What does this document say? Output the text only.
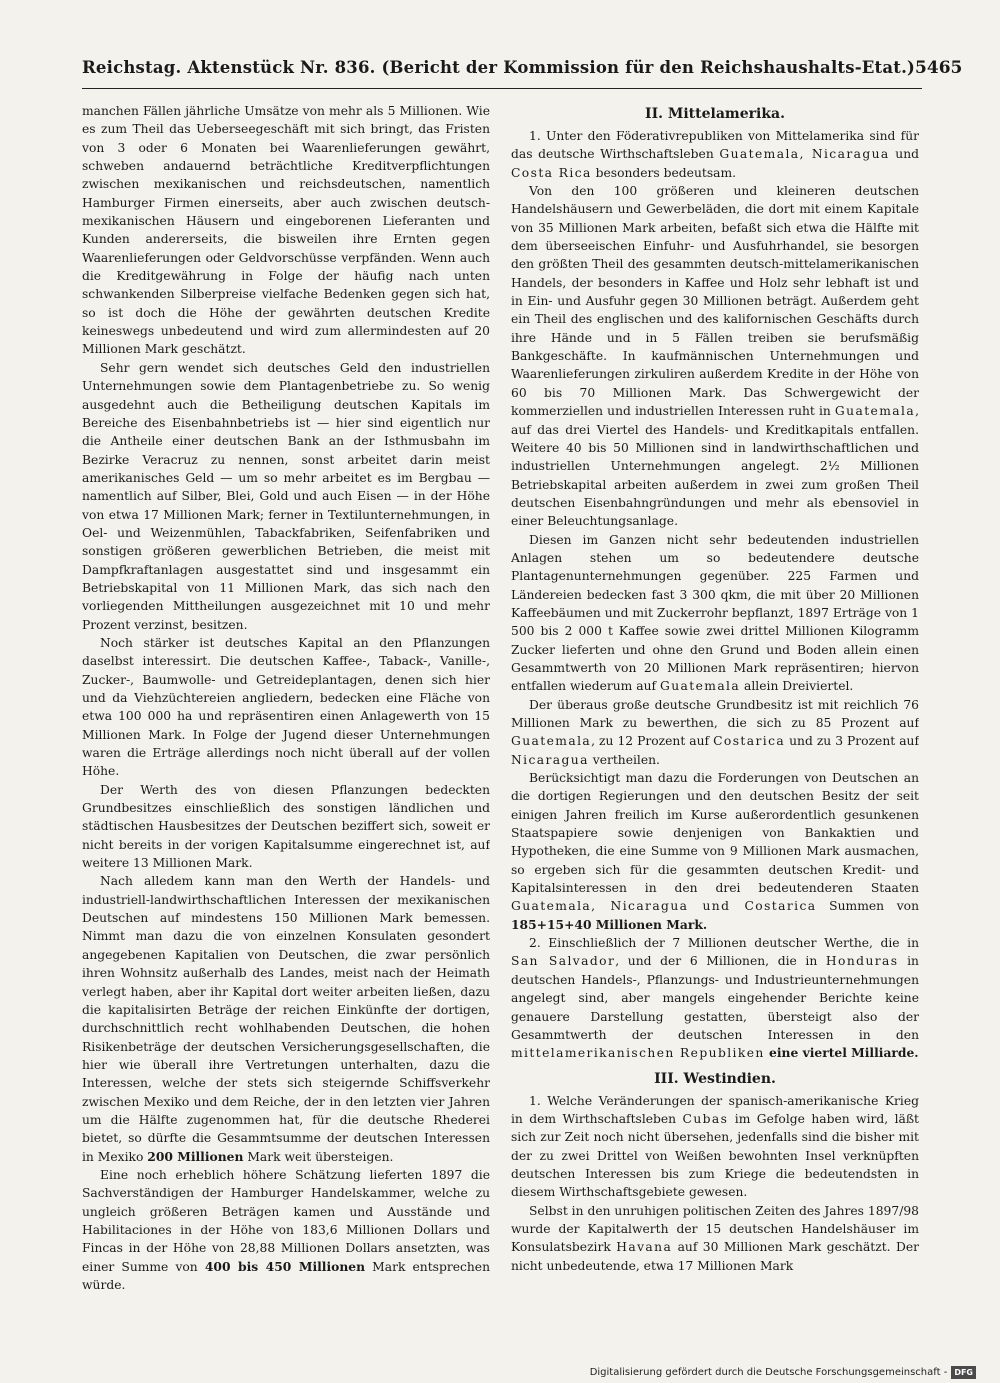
Reichstag. Aktenstück Nr. 836. (Bericht der Kommission für den Reichshaushalts-Etat.) 5465

manchen Fällen jährliche Umsätze von mehr als 5 Millionen. Wie es zum Theil das Ueberseegeschäft mit sich bringt, das Fristen von 3 oder 6 Monaten bei Waarenlieferungen gewährt, schweben andauernd beträchtliche Kreditverpflichtungen zwischen mexikanischen und reichsdeutschen, namentlich Hamburger Firmen einerseits, aber auch zwischen deutsch-mexikanischen Häusern und eingeborenen Lieferanten und Kunden andererseits, die bisweilen ihre Ernten gegen Waarenlieferungen oder Geldvorschüsse verpfänden. Wenn auch die Kreditgewährung in Folge der häufig nach unten schwankenden Silberpreise vielfache Bedenken gegen sich hat, so ist doch die Höhe der gewährten deutschen Kredite keineswegs unbedeutend und wird zum allermindesten auf 20 Millionen Mark geschätzt.

Sehr gern wendet sich deutsches Geld den industriellen Unternehmungen sowie dem Plantagenbetriebe zu. So wenig ausgedehnt auch die Betheiligung deutschen Kapitals im Bereiche des Eisenbahnbetriebs ist — hier sind eigentlich nur die Antheile einer deutschen Bank an der Isthmusbahn im Bezirke Veracruz zu nennen, sonst arbeitet darin meist amerikanisches Geld — um so mehr arbeitet es im Bergbau — namentlich auf Silber, Blei, Gold und auch Eisen — in der Höhe von etwa 17 Millionen Mark; ferner in Textilunternehmungen, in Oel- und Weizenmühlen, Tabackfabriken, Seifenfabriken und sonstigen größeren gewerblichen Betrieben, die meist mit Dampfkraftanlagen ausgestattet sind und insgesammt ein Betriebskapital von 11 Millionen Mark, das sich nach den vorliegenden Mittheilungen ausgezeichnet mit 10 und mehr Prozent verzinst, besitzen.

Noch stärker ist deutsches Kapital an den Pflanzungen daselbst interessirt. Die deutschen Kaffee-, Taback-, Vanille-, Zucker-, Baumwolle- und Getreideplantagen, denen sich hier und da Viehzüchtereien angliedern, bedecken eine Fläche von etwa 100 000 ha und repräsentiren einen Anlagewerth von 15 Millionen Mark. In Folge der Jugend dieser Unternehmungen waren die Erträge allerdings noch nicht überall auf der vollen Höhe.

Der Werth des von diesen Pflanzungen bedeckten Grundbesitzes einschließlich des sonstigen ländlichen und städtischen Hausbesitzes der Deutschen beziffert sich, soweit er nicht bereits in der vorigen Kapitalsumme eingerechnet ist, auf weitere 13 Millionen Mark.

Nach alledem kann man den Werth der Handels- und industriell-landwirthschaftlichen Interessen der mexikanischen Deutschen auf mindestens 150 Millionen Mark bemessen. Nimmt man dazu die von einzelnen Konsulaten gesondert angegebenen Kapitalien von Deutschen, die zwar persönlich ihren Wohnsitz außerhalb des Landes, meist nach der Heimath verlegt haben, aber ihr Kapital dort weiter arbeiten ließen, dazu die kapitalisirten Beträge der reichen Einkünfte der dortigen, durchschnittlich recht wohlhabenden Deutschen, die hohen Risikenbeträge der deutschen Versicherungsgesellschaften, die hier wie überall ihre Vertretungen unterhalten, dazu die Interessen, welche der stets sich steigernde Schiffsverkehr zwischen Mexiko und dem Reiche, der in den letzten vier Jahren um die Hälfte zugenommen hat, für die deutsche Rhederei bietet, so dürfte die Gesammtsumme der deutschen Interessen in Mexiko 200 Millionen Mark weit übersteigen.

Eine noch erheblich höhere Schätzung lieferten 1897 die Sachverständigen der Hamburger Handelskammer, welche zu ungleich größeren Beträgen kamen und Ausstände und Habilitaciones in der Höhe von 183,6 Millionen Dollars und Fincas in der Höhe von 28,88 Millionen Dollars ansetzten, was einer Summe von 400 bis 450 Millionen Mark entsprechen würde.

II. Mittelamerika.

1. Unter den Föderativrepubliken von Mittelamerika sind für das deutsche Wirthschaftsleben Guatemala, Nicaragua und Costa Rica besonders bedeutsam.

Von den 100 größeren und kleineren deutschen Handelshäusern und Gewerbeläden, die dort mit einem Kapitale von 35 Millionen Mark arbeiten, befaßt sich etwa die Hälfte mit dem überseeischen Einfuhr- und Ausfuhrhandel, sie besorgen den größten Theil des gesammten deutsch-mittelamerikanischen Handels, der besonders in Kaffee und Holz sehr lebhaft ist und in Ein- und Ausfuhr gegen 30 Millionen beträgt. Außerdem geht ein Theil des englischen und des kalifornischen Geschäfts durch ihre Hände und in 5 Fällen treiben sie berufsmäßig Bankgeschäfte. In kaufmännischen Unternehmungen und Waarenlieferungen zirkuliren außerdem Kredite in der Höhe von 60 bis 70 Millionen Mark. Das Schwergewicht der kommerziellen und industriellen Interessen ruht in Guatemala, auf das drei Viertel des Handels- und Kreditkapitals entfallen. Weitere 40 bis 50 Millionen sind in landwirthschaftlichen und industriellen Unternehmungen angelegt. 2½ Millionen Betriebskapital arbeiten außerdem in zwei zum großen Theil deutschen Eisenbahngründungen und mehr als ebensoviel in einer Beleuchtungsanlage.

Diesen im Ganzen nicht sehr bedeutenden industriellen Anlagen stehen um so bedeutendere deutsche Plantagenunternehmungen gegenüber. 225 Farmen und Ländereien bedecken fast 3 300 qkm, die mit über 20 Millionen Kaffeebäumen und mit Zuckerrohr bepflanzt, 1897 Erträge von 1 500 bis 2 000 t Kaffee sowie zwei drittel Millionen Kilogramm Zucker lieferten und ohne den Grund und Boden allein einen Gesammtwerth von 20 Millionen Mark repräsentiren; hiervon entfallen wiederum auf Guatemala allein Dreiviertel.

Der überaus große deutsche Grundbesitz ist mit reichlich 76 Millionen Mark zu bewerthen, die sich zu 85 Prozent auf Guatemala, zu 12 Prozent auf Costarica und zu 3 Prozent auf Nicaragua vertheilen.

Berücksichtigt man dazu die Forderungen von Deutschen an die dortigen Regierungen und den deutschen Besitz der seit einigen Jahren freilich im Kurse außerordentlich gesunkenen Staatspapiere sowie denjenigen von Bankaktien und Hypotheken, die eine Summe von 9 Millionen Mark ausmachen, so ergeben sich für die gesammten deutschen Kredit- und Kapitalsinteressen in den drei bedeutenderen Staaten Guatemala, Nicaragua und Costarica Summen von 185+15+40 Millionen Mark.

2. Einschließlich der 7 Millionen deutscher Werthe, die in San Salvador, und der 6 Millionen, die in Honduras in deutschen Handels-, Pflanzungs- und Industrieunternehmungen angelegt sind, aber mangels eingehender Berichte keine genauere Darstellung gestatten, übersteigt also der Gesammtwerth der deutschen Interessen in den mittelamerikanischen Republiken eine viertel Milliarde.

III. Westindien.

1. Welche Veränderungen der spanisch-amerikanische Krieg in dem Wirthschaftsleben Cubas im Gefolge haben wird, läßt sich zur Zeit noch nicht übersehen, jedenfalls sind die bisher mit der zu zwei Drittel von Weißen bewohnten Insel verknüpften deutschen Interessen bis zum Kriege die bedeutendsten in diesem Wirthschaftsgebiete gewesen.

Selbst in den unruhigen politischen Zeiten des Jahres 1897/98 wurde der Kapitalwerth der 15 deutschen Handelshäuser im Konsulatsbezirk Havana auf 30 Millionen Mark geschätzt. Der nicht unbedeutende, etwa 17 Millionen Mark

Digitalisierung gefördert durch die Deutsche Forschungsgemeinschaft - DFG
